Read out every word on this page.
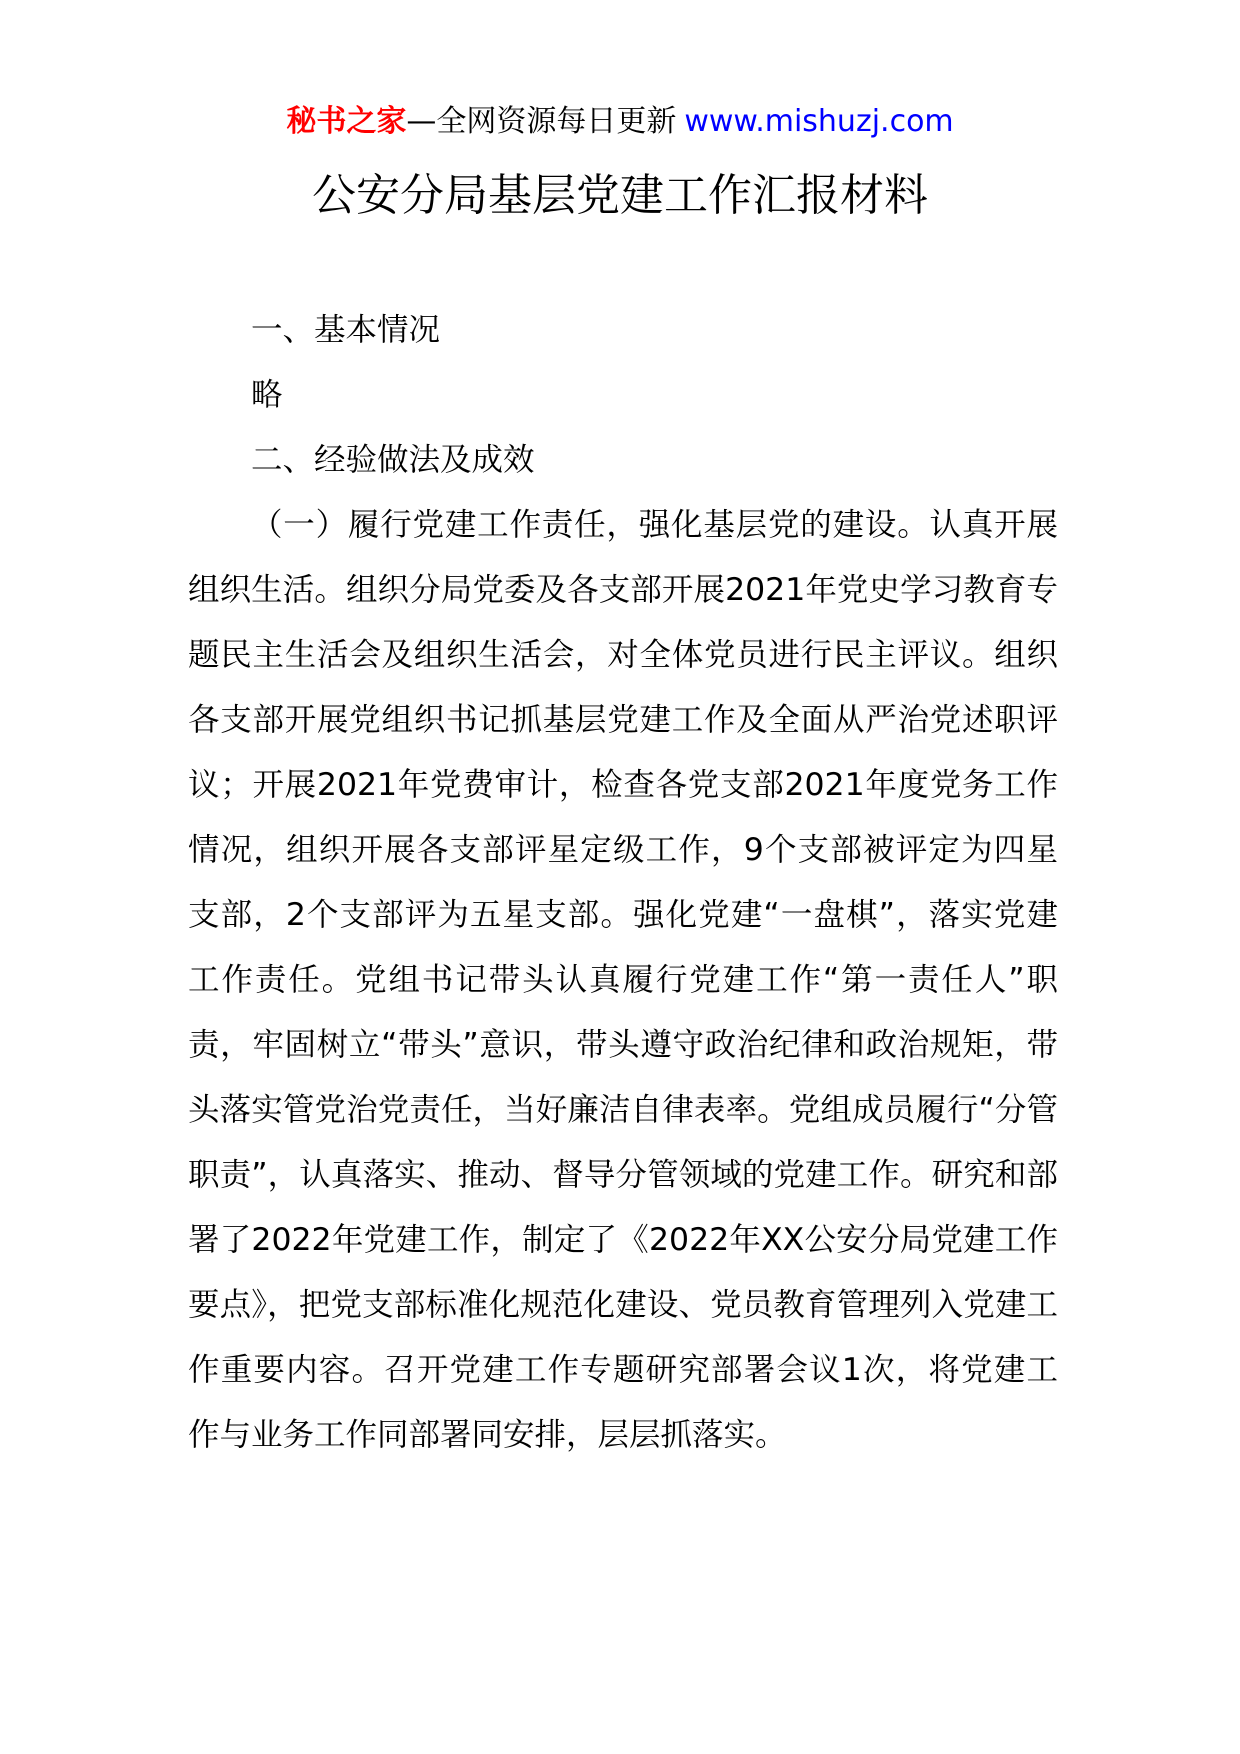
秘书之家—全网资源每日更新 www.mishuzj.com
公安分局基层党建工作汇报材料

一、基本情况

略

二、经验做法及成效

（一）履行党建工作责任，强化基层党的建设。认真开展组织生活。组织分局党委及各支部开展2021年党史学习教育专题民主生活会及组织生活会，对全体党员进行民主评议。组织各支部开展党组织书记抓基层党建工作及全面从严治党述职评议；开展2021年党费审计，检查各党支部2021年度党务工作情况，组织开展各支部评星定级工作，9个支部被评定为四星支部，2个支部评为五星支部。强化党建“一盘棋”，落实党建工作责任。党组书记带头认真履行党建工作“第一责任人”职责，牢固树立“带头”意识，带头遵守政治纪律和政治规矩，带头落实管党治党责任，当好廉洁自律表率。党组成员履行“分管职责”，认真落实、推动、督导分管领域的党建工作。研究和部署了2022年党建工作，制定了《2022年XX公安分局党建工作要点》，把党支部标准化规范化建设、党员教育管理列入党建工作重要内容。召开党建工作专题研究部署会议1次，将党建工作与业务工作同部署同安排，层层抓落实。
